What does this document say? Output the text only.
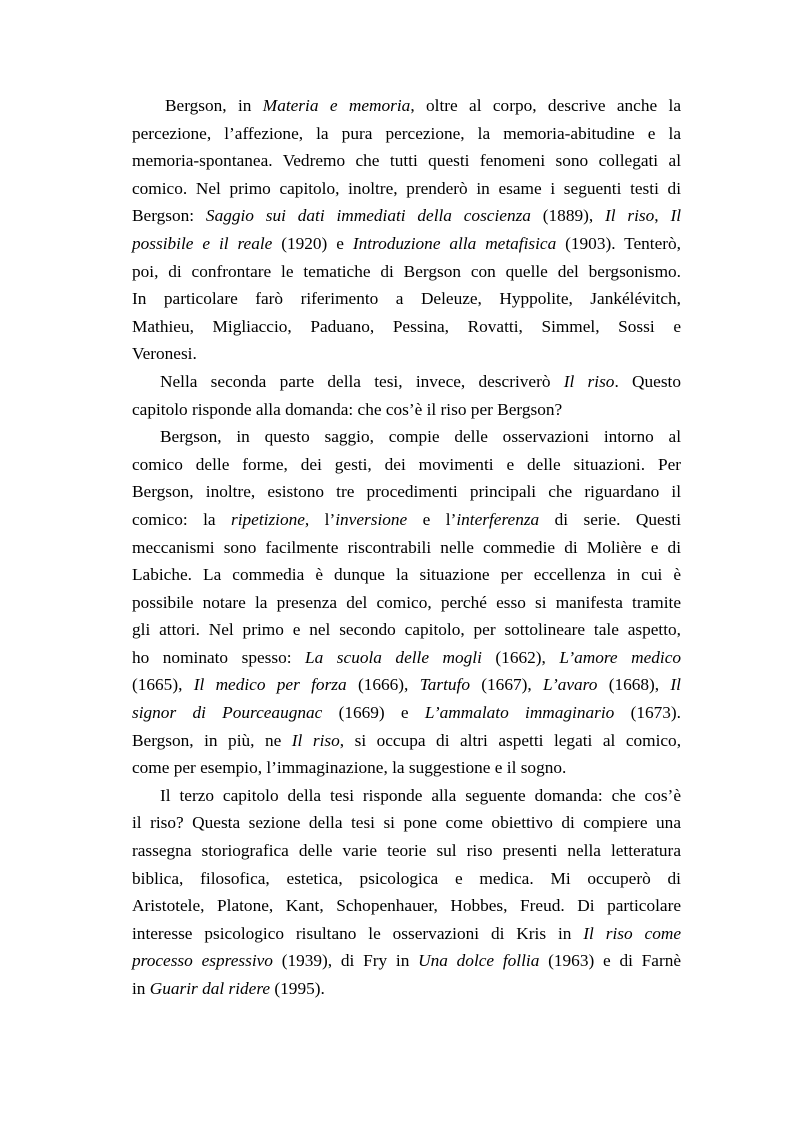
Bergson, in Materia e memoria, oltre al corpo, descrive anche la
percezione, l’affezione, la pura percezione, la memoria-abitudine e la
memoria-spontanea. Vedremo che tutti questi fenomeni sono collegati al
comico. Nel primo capitolo, inoltre, prenderò in esame i seguenti testi di
Bergson: Saggio sui dati immediati della coscienza (1889), Il riso, Il
possibile e il reale (1920) e Introduzione alla metafisica (1903). Tenterò,
poi, di confrontare le tematiche di Bergson con quelle del bergsonismo.
In particolare farò riferimento a Deleuze, Hyppolite, Jankélévitch,
Mathieu, Migliaccio, Paduano, Pessina, Rovatti, Simmel, Sossi e
Veronesi.
Nella seconda parte della tesi, invece, descriverò Il riso. Questo
capitolo risponde alla domanda: che cos’è il riso per Bergson?
Bergson, in questo saggio, compie delle osservazioni intorno al
comico delle forme, dei gesti, dei movimenti e delle situazioni. Per
Bergson, inoltre, esistono tre procedimenti principali che riguardano il
comico: la ripetizione, l’inversione e l’interferenza di serie. Questi
meccanismi sono facilmente riscontrabili nelle commedie di Molière e di
Labiche. La commedia è dunque la situazione per eccellenza in cui è
possibile notare la presenza del comico, perché esso si manifesta tramite
gli attori. Nel primo e nel secondo capitolo, per sottolineare tale aspetto,
ho nominato spesso: La scuola delle mogli (1662), L’amore medico
(1665), Il medico per forza (1666), Tartufo (1667), L’avaro (1668), Il
signor di Pourceaugnac (1669) e L’ammalato immaginario (1673).
Bergson, in più, ne Il riso, si occupa di altri aspetti legati al comico,
come per esempio, l’immaginazione, la suggestione e il sogno.
Il terzo capitolo della tesi risponde alla seguente domanda: che cos’è
il riso? Questa sezione della tesi si pone come obiettivo di compiere una
rassegna storiografica delle varie teorie sul riso presenti nella letteratura
biblica, filosofica, estetica, psicologica e medica. Mi occuperò di
Aristotele, Platone, Kant, Schopenhauer, Hobbes, Freud. Di particolare
interesse psicologico risultano le osservazioni di Kris in Il riso come
processo espressivo (1939), di Fry in Una dolce follia (1963) e di Farnè
in Guarir dal ridere (1995).
